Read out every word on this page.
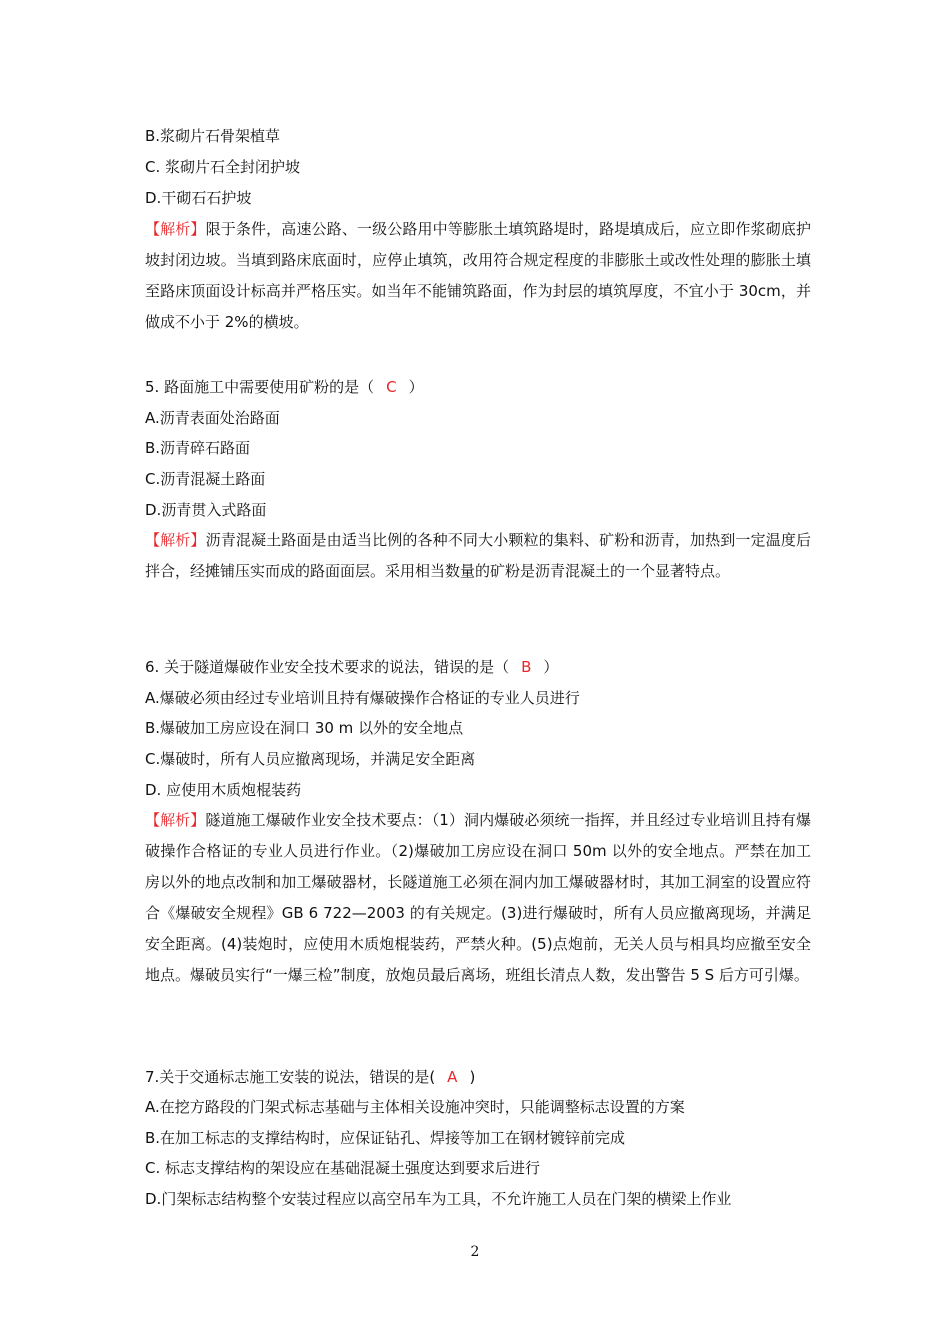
B.浆砌片石骨架植草
C. 浆砌片石全封闭护坡
D.干砌石石护坡
【解析】限于条件，高速公路、一级公路用中等膨胀土填筑路堤时，路堤填成后，应立即作浆砌底护坡封闭边坡。当填到路床底面时，应停止填筑，改用符合规定程度的非膨胀土或改性处理的膨胀土填至路床顶面设计标高并严格压实。如当年不能铺筑路面，作为封层的填筑厚度，不宜小于 30cm，并做成不小于 2%的横坡。
5. 路面施工中需要使用矿粉的是（ C ）
A.沥青表面处治路面
B.沥青碎石路面
C.沥青混凝土路面
D.沥青贯入式路面
【解析】沥青混凝土路面是由适当比例的各种不同大小颗粒的集料、矿粉和沥青，加热到一定温度后拌合，经摊铺压实而成的路面面层。采用相当数量的矿粉是沥青混凝土的一个显著特点。
6. 关于隧道爆破作业安全技术要求的说法，错误的是（ B ）
A.爆破必须由经过专业培训且持有爆破操作合格证的专业人员进行
B.爆破加工房应设在洞口 30 m 以外的安全地点
C.爆破时，所有人员应撤离现场，并满足安全距离
D. 应使用木质炮棍装药
【解析】隧道施工爆破作业安全技术要点：（1）洞内爆破必须统一指挥，并且经过专业培训且持有爆破操作合格证的专业人员进行作业。（2)爆破加工房应设在洞口 50m 以外的安全地点。严禁在加工房以外的地点改制和加工爆破器材，长隧道施工必须在洞内加工爆破器材时，其加工洞室的设置应符合《爆破安全规程》GB 6 722—2003 的有关规定。(3)进行爆破时，所有人员应撤离现场，并满足安全距离。(4)装炮时，应使用木质炮棍装药，严禁火种。(5)点炮前，无关人员与相具均应撤至安全地点。爆破员实行“一爆三检”制度，放炮员最后离场，班组长清点人数，发出警告 5 S 后方可引爆。
7.关于交通标志施工安装的说法，错误的是( A )
A.在挖方路段的门架式标志基础与主体相关设施冲突时，只能调整标志设置的方案
B.在加工标志的支撑结构时，应保证钻孔、焊接等加工在钢材镀锌前完成
C. 标志支撑结构的架设应在基础混凝土强度达到要求后进行
D.门架标志结构整个安装过程应以高空吊车为工具，不允许施工人员在门架的横梁上作业
2
